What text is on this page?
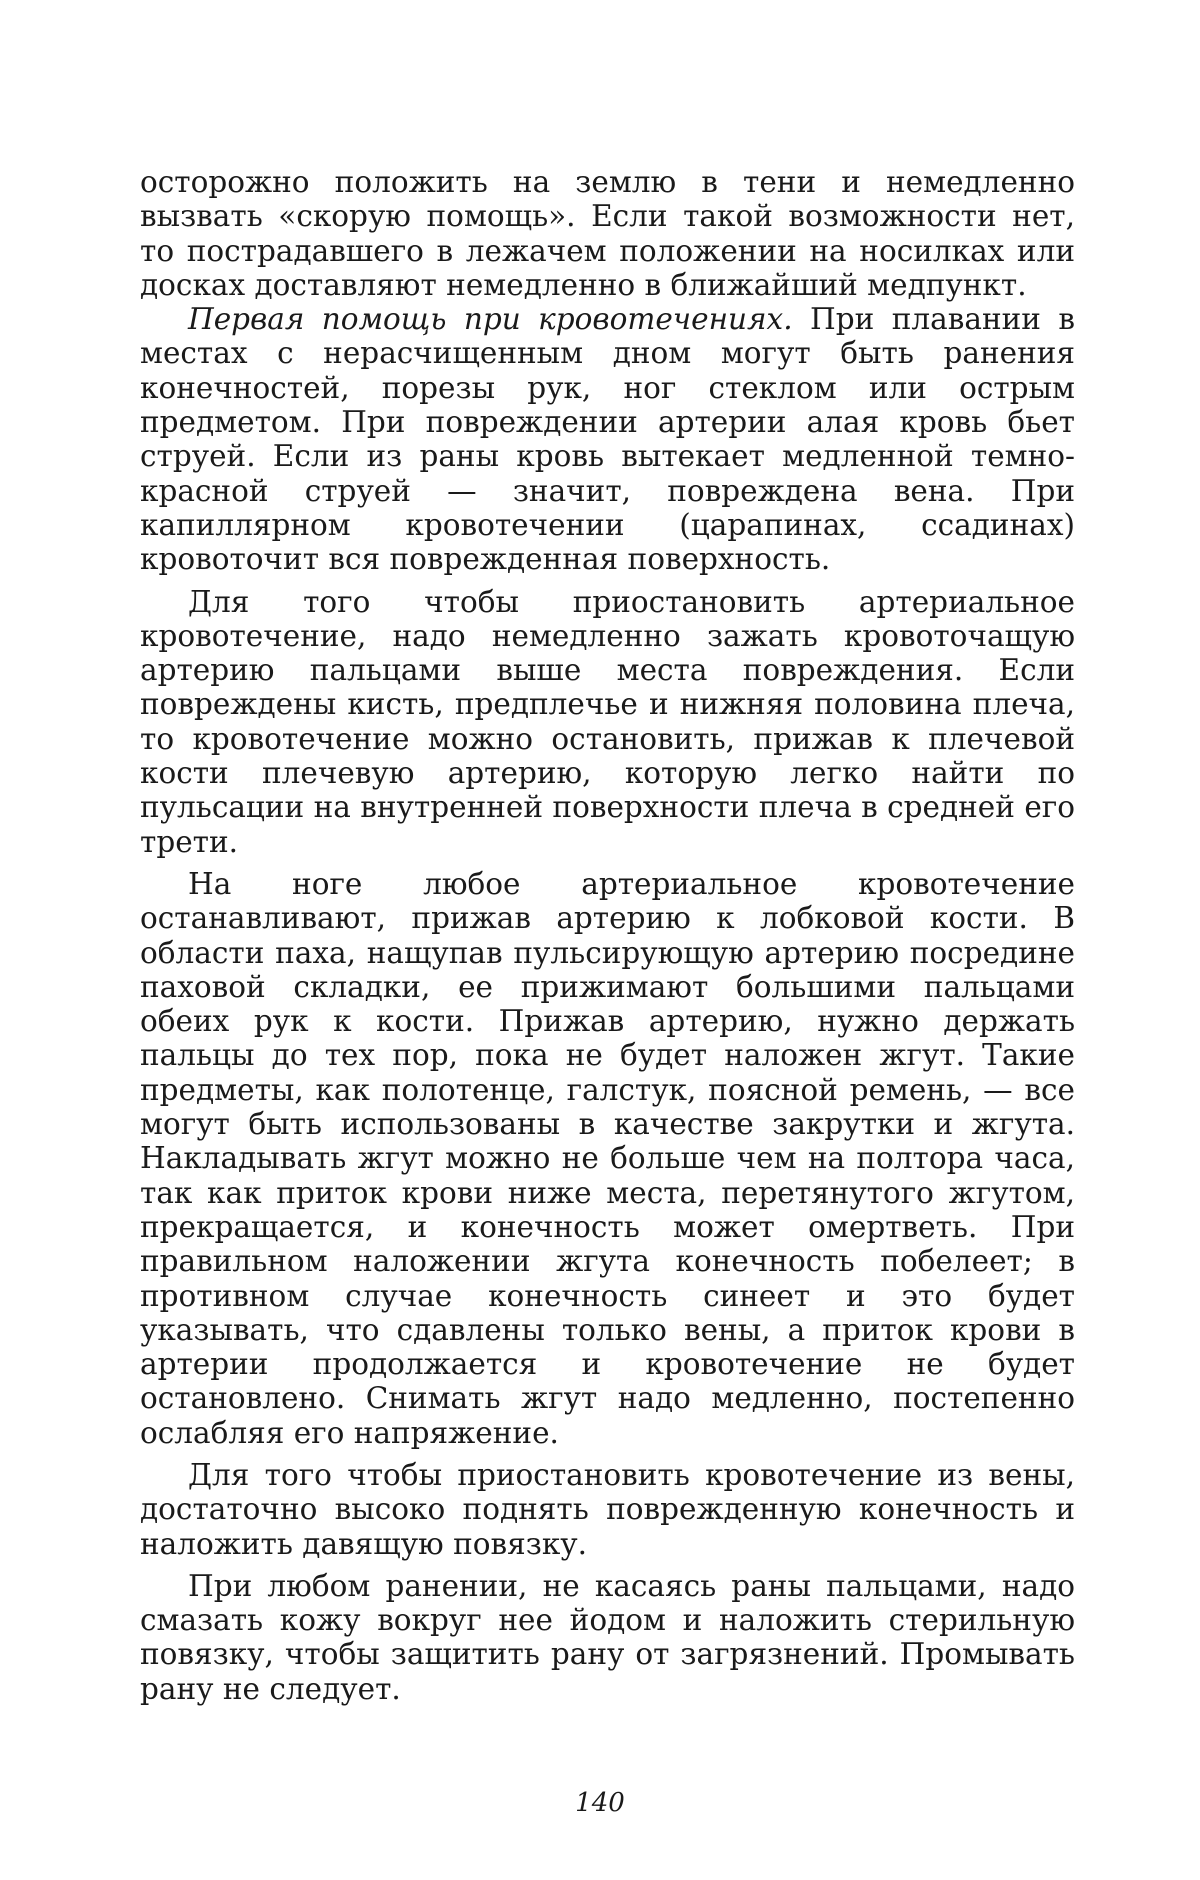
осторожно положить на землю в тени и немедленно вызвать «скорую помощь». Если такой возможности нет, то пострадавшего в лежачем положении на носилках или досках доставляют немедленно в ближайший медпункт.

Первая помощь при кровотечениях. При плавании в местах с нерасчищенным дном могут быть ранения конечностей, порезы рук, ног стеклом или острым предметом. При повреждении артерии алая кровь бьет струей. Если из раны кровь вытекает медленной темно-красной струей — значит, повреждена вена. При капиллярном кровотечении (царапинах, ссадинах) кровоточит вся поврежденная поверхность.

Для того чтобы приостановить артериальное кровотечение, надо немедленно зажать кровоточащую артерию пальцами выше места повреждения. Если повреждены кисть, предплечье и нижняя половина плеча, то кровотечение можно остановить, прижав к плечевой кости плечевую артерию, которую легко найти по пульсации на внутренней поверхности плеча в средней его трети.

На ноге любое артериальное кровотечение останавливают, прижав артерию к лобковой кости. В области паха, нащупав пульсирующую артерию посредине паховой складки, ее прижимают большими пальцами обеих рук к кости. Прижав артерию, нужно держать пальцы до тех пор, пока не будет наложен жгут. Такие предметы, как полотенце, галстук, поясной ремень, — все могут быть использованы в качестве закрутки и жгута. Накладывать жгут можно не больше чем на полтора часа, так как приток крови ниже места, перетянутого жгутом, прекращается, и конечность может омертветь. При правильном наложении жгута конечность побелеет; в противном случае конечность синеет и это будет указывать, что сдавлены только вены, а приток крови в артерии продолжается и кровотечение не будет остановлено. Снимать жгут надо медленно, постепенно ослабляя его напряжение.

Для того чтобы приостановить кровотечение из вены, достаточно высоко поднять поврежденную конечность и наложить давящую повязку.

При любом ранении, не касаясь раны пальцами, надо смазать кожу вокруг нее йодом и наложить стерильную повязку, чтобы защитить рану от загрязнений. Промывать рану не следует.

140
